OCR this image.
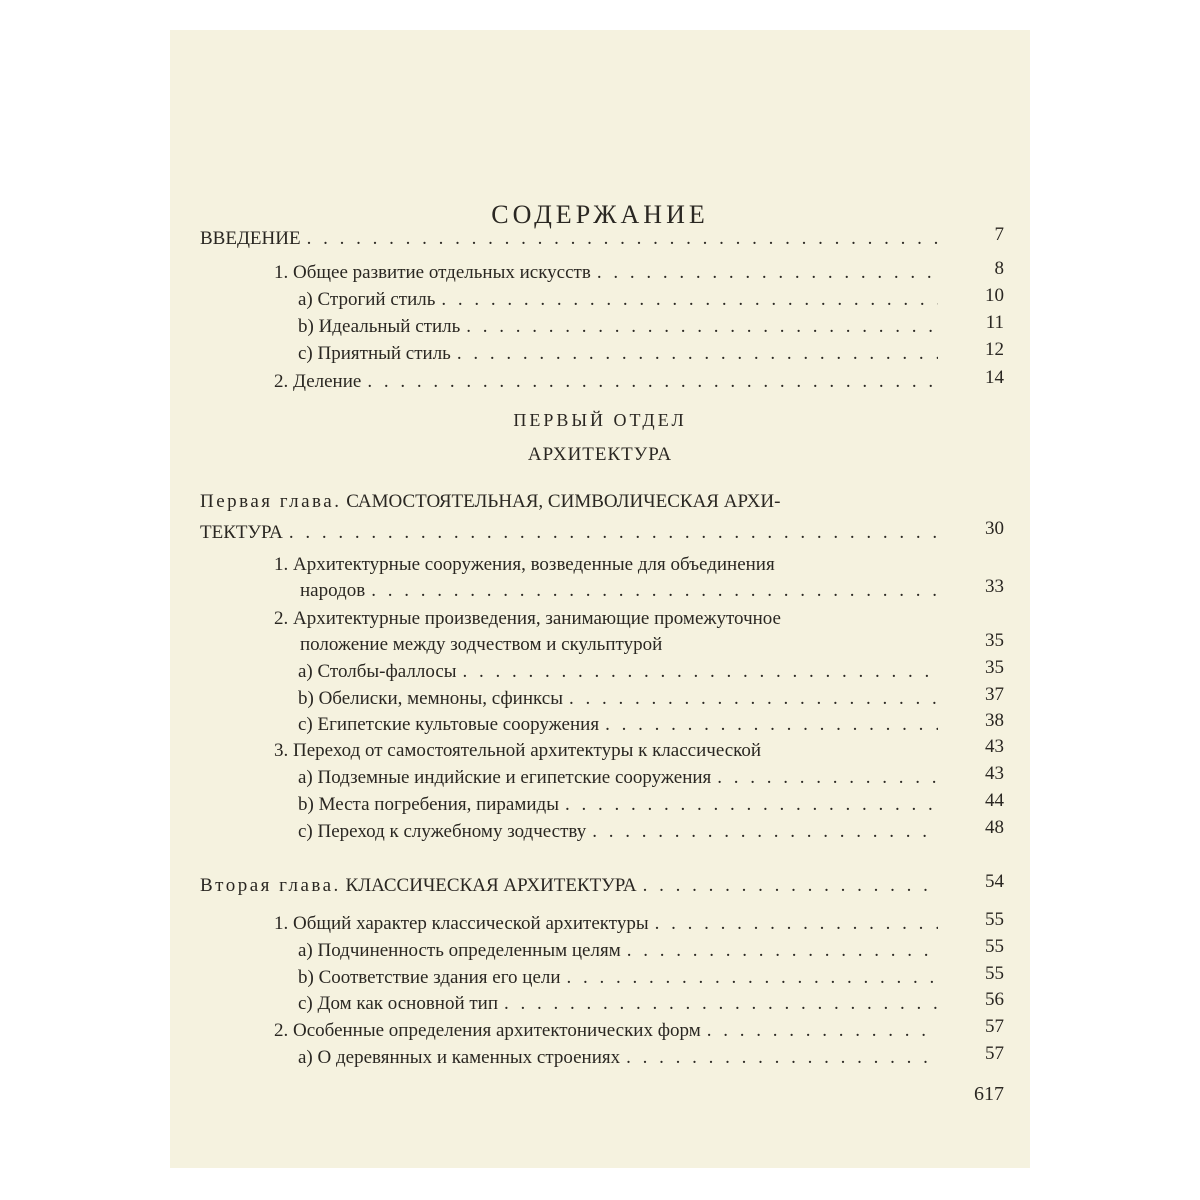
СОДЕРЖАНИЕ
ВВЕДЕНИЕ . . .	7
1. Общее развитие отдельных искусств . . .	8
a) Строгий стиль . . .	10
b) Идеальный стиль . . .	11
c) Приятный стиль . . .	12
2. Деление . . .	14
ПЕРВЫЙ ОТДЕЛ
АРХИТЕКТУРА
Первая глава. САМОСТОЯТЕЛЬНАЯ, СИМВОЛИЧЕСКАЯ АРХИ-
ТЕКТУРА . . .	30
1. Архитектурные сооружения, возведенные для объединения
народов . . .	33
2. Архитектурные произведения, занимающие промежуточное
положение между зодчеством и скульптурой	35
a) Столбы-фаллосы . . .	35
b) Обелиски, мемноны, сфинксы . . .	37
c) Египетские культовые сооружения . . .	38
3. Переход от самостоятельной архитектуры к классической	43
a) Подземные индийские и египетские сооружения . . .	43
b) Места погребения, пирамиды . . .	44
c) Переход к служебному зодчеству . . .	48
Вторая глава. КЛАССИЧЕСКАЯ АРХИТЕКТУРА . . .	54
1. Общий характер классической архитектуры . . .	55
a) Подчиненность определенным целям . . .	55
b) Соответствие здания его цели . . .	55
c) Дом как основной тип . . .	56
2. Особенные определения архитектонических форм . . .	57
a) О деревянных и каменных строениях . . .	57
617
